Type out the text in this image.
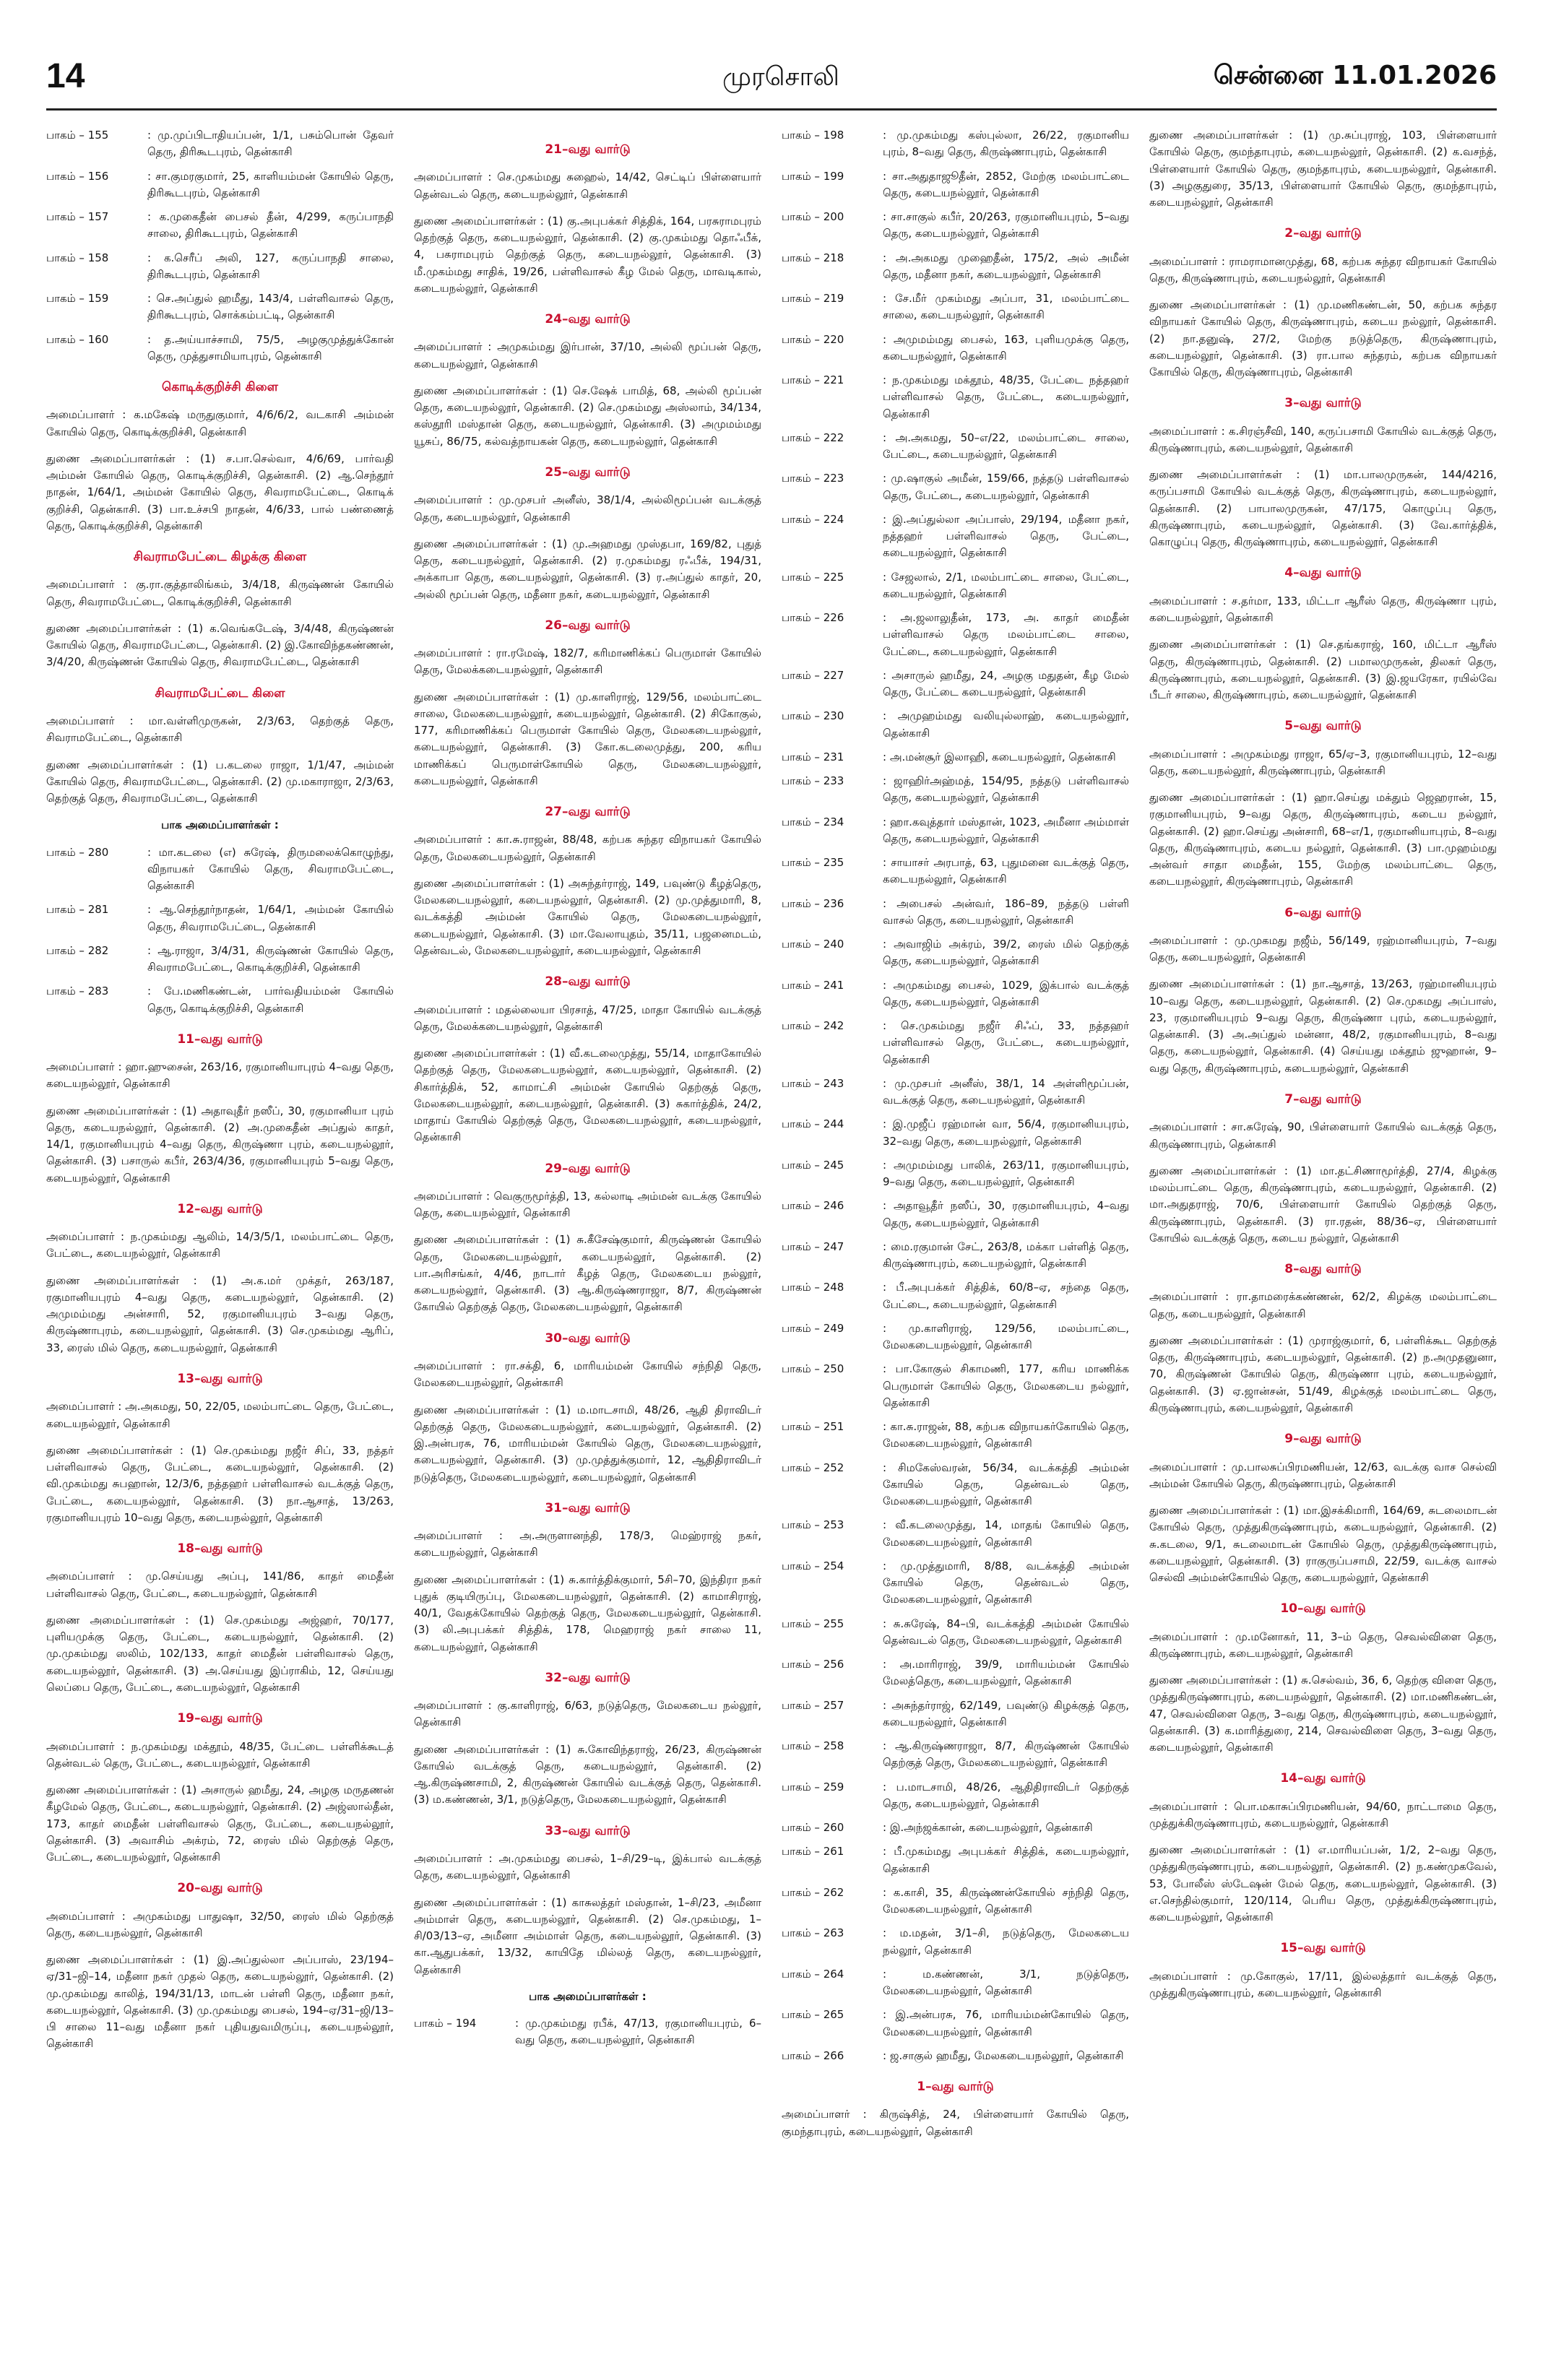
14	முரசொலி	சென்னை 11.01.2026
பாகம் – 155	: மு.முப்பிடாதியப்பன், 1/1, பசும்பொன் தேவர் தெரு, திரிகூடபுரம், தென்காசி
பாகம் – 156	: சா.குமரகுமார், 25, காளியம்மன் கோயில் தெரு, திரிகூடபுரம், தென்காசி
பாகம் – 157	: க.முகைதீன் பைசல் தீன், 4/299, கருப்பாநதி சாலை, திரிகூடபுரம், தென்காசி
பாகம் – 158	: க.செரீப் அலி, 127, கருப்பாநதி சாலை, திரிகூடபுரம், தென்காசி
பாகம் – 159	: செ.அப்துல் ஹமீது, 143/4, பள்ளிவாசல் தெரு, திரிகூடபுரம், சொக்கம்பட்டி, தென்காசி
பாகம் – 160	: த.அய்யாச்சாமி, 75/5, அழகுமுத்துக்கோன் தெரு, முத்துசாமியாபுரம், தென்காசி
கொடிக்குறிச்சி கிளை

அமைப்பாளர் : க.மகேஷ் மருதுகுமார், 4/6/6/2, வடகாசி அம்மன் கோயில் தெரு, கொடிக்குறிச்சி, தென்காசி

துணை அமைப்பாளர்கள் : (1) ச.பா.செல்வா, 4/6/69, பார்வதி அம்மன் கோயில் தெரு, கொடிக்குறிச்சி, தென்காசி. (2) ஆ.செந்தூர் நாதன், 1/64/1, அம்மன் கோயில் தெரு, சிவராமபேட்டை, கொடிக் குறிச்சி, தென்காசி. (3) பா.உச்சபி நாதன், 4/6/33, பால் பண்ணைத் தெரு, கொடிக்குறிச்சி, தென்காசி

சிவராமபேட்டை கிழக்கு கிளை

அமைப்பாளர் : கு.ரா.குத்தாலிங்கம், 3/4/18, கிருஷ்ணன் கோயில் தெரு, சிவராமபேட்டை, கொடிக்குறிச்சி, தென்காசி

துணை அமைப்பாளர்கள் : (1) க.வெங்கடேஷ், 3/4/48, கிருஷ்ணன் கோயில் தெரு, சிவராமபேட்டை, தென்காசி. (2) இ.கோவிந்தகண்ணன், 3/4/20, கிருஷ்ணன் கோயில் தெரு, சிவராமபேட்டை, தென்காசி

சிவராமபேட்டை கிளை

அமைப்பாளர் : மா.வள்ளிமுருகன், 2/3/63, தெற்குத் தெரு, சிவராமபேட்டை, தென்காசி

துணை அமைப்பாளர்கள் : (1) ப.கடலை ராஜா, 1/1/47, அம்மன் கோயில் தெரு, சிவராமபேட்டை, தென்காசி. (2) மு.மகாராஜா, 2/3/63, தெற்குத் தெரு, சிவராமபேட்டை, தென்காசி

பாக அமைப்பாளர்கள் :
பாகம் – 280	: மா.கடலை (எ) சுரேஷ், திருமலைக்கொழுந்து, விநாயகர் கோயில் தெரு, சிவராமபேட்டை, தென்காசி
பாகம் – 281	: ஆ.செந்தூர்நாதன், 1/64/1, அம்மன் கோயில் தெரு, சிவராமபேட்டை, தென்காசி
பாகம் – 282	: ஆ.ராஜா, 3/4/31, கிருஷ்ணன் கோயில் தெரு, சிவராமபேட்டை, கொடிக்குறிச்சி, தென்காசி
பாகம் – 283	: பே.மணிகண்டன், பார்வதியம்மன் கோயில் தெரு, கொடிக்குறிச்சி, தென்காசி
11–வது வார்டு

அமைப்பாளர் : ஹா.ஹுசைன், 263/16, ரகுமானியாபுரம் 4–வது தெரு, கடையநல்லூர், தென்காசி

துணை அமைப்பாளர்கள் : (1) அதாவுதீர் நஸீப், 30, ரகுமானியா புரம் தெரு, கடையநல்லூர், தென்காசி. (2) அ.முகைதீன் அப்துல் காதர், 14/1, ரகுமானியபுரம் 4–வது தெரு, கிருஷ்ணா புரம், கடையநல்லூர், தென்காசி. (3) பசாருல் கபீர், 263/4/36, ரகுமானியபுரம் 5–வது தெரு, கடையநல்லூர், தென்காசி

12–வது வார்டு

அமைப்பாளர் : ந.முகம்மது ஆலிம், 14/3/5/1, மலம்பாட்டை தெரு, பேட்டை, கடையநல்லூர், தென்காசி

துணை அமைப்பாளர்கள் : (1) அ.க.மர் முக்தர், 263/187, ரகுமானியபுரம் 4–வது தெரு, கடையநல்லூர், தென்காசி. (2) அமுமம்மது அன்சாரி, 52, ரகுமானியபுரம் 3–வது தெரு, கிருஷ்ணாபுரம், கடையநல்லூர், தென்காசி. (3) செ.முகம்மது ஆரிப், 33, ரைஸ் மில் தெரு, கடையநல்லூர், தென்காசி

13–வது வார்டு

அமைப்பாளர் : அ.அகமது, 50, 22/05, மலம்பாட்டை தெரு, பேட்டை, கடையநல்லூர், தென்காசி

துணை அமைப்பாளர்கள் : (1) செ.முகம்மது நஜீர் சிப், 33, நத்தர் பள்ளிவாசல் தெரு, பேட்டை, கடையநல்லூர், தென்காசி. (2) வி.முகம்மது சுபஹான், 12/3/6, நத்தஹர் பள்ளிவாசல் வடக்குத் தெரு, பேட்டை, கடையநல்லூர், தென்காசி. (3) நா.ஆசாத், 13/263, ரகுமானியபுரம் 10–வது தெரு, கடையநல்லூர், தென்காசி

18–வது வார்டு

அமைப்பாளர் : மு.செய்யது அப்பு, 141/86, காதர் மைதீன் பள்ளிவாசல் தெரு, பேட்டை, கடையநல்லூர், தென்காசி

துணை அமைப்பாளர்கள் : (1) செ.முகம்மது அஜ்ஹர், 70/177, புளியமுக்கு தெரு, பேட்டை, கடையநல்லூர், தென்காசி. (2) மு.முகம்மது ஸலிம், 102/133, காதர் மைதீன் பள்ளிவாசல் தெரு, கடையநல்லூர், தென்காசி. (3) அ.செய்யது இப்ராகிம், 12, செய்யது லெப்பை தெரு, பேட்டை, கடையநல்லூர், தென்காசி

19–வது வார்டு

அமைப்பாளர் : ந.முகம்மது மக்தூம், 48/35, பேட்டை பள்ளிக்கூடத் தென்வடல் தெரு, பேட்டை, கடையநல்லூர், தென்காசி

துணை அமைப்பாளர்கள் : (1) அசாருல் ஹமீது, 24, அழகு மருதணன் கீழமேல் தெரு, பேட்டை, கடையநல்லூர், தென்காசி. (2) அஜ்ஸால்தீன், 173, காதர் மைதீன் பள்ளிவாசல் தெரு, பேட்டை, கடையநல்லூர், தென்காசி. (3) அவாசிம் அக்ரம், 72, ரைஸ் மில் தெற்குத் தெரு, பேட்டை, கடையநல்லூர், தென்காசி

20–வது வார்டு

அமைப்பாளர் : அமுகம்மது பாதுஷா, 32/50, ரைஸ் மில் தெற்குத் தெரு, கடையநல்லூர், தென்காசி

துணை அமைப்பாளர்கள் : (1) இ.அப்துல்லா அப்பாஸ், 23/194–ஏ/31–ஜி–14, மதீனா நகர் முதல் தெரு, கடையநல்லூர், தென்காசி. (2) மு.முகம்மது காலித், 194/31/13, மாடன் பள்ளி தெரு, மதீனா நகர், கடையநல்லூர், தென்காசி. (3) மு.முகம்மது பைசல், 194–ஏ/31–ஜி/13–பி சாலை 11–வது மதீனா நகர் புதியதுவமிருப்பு, கடையநல்லூர், தென்காசி

21–வது வார்டு

அமைப்பாளர் : செ.முகம்மது சுஹைல், 14/42, செட்டிப் பிள்ளையார் தென்வடல் தெரு, கடையநல்லூர், தென்காசி

துணை அமைப்பாளர்கள் : (1) கு.அபுபக்கர் சித்திக், 164, பரசுராமபுரம் தெற்குத் தெரு, கடையநல்லூர், தென்காசி. (2) கு.முகம்மது தொஃபீக், 4, பசுராமபுரம் தெற்குத் தெரு, கடையநல்லூர், தென்காசி. (3) மீ.முகம்மது சாதிக், 19/26, பள்ளிவாசல் கீழ மேல் தெரு, மாவடிகால், கடையநல்லூர், தென்காசி

24–வது வார்டு

அமைப்பாளர் : அமுகம்மது இர்பான், 37/10, அல்லி மூப்பன் தெரு, கடையநல்லூர், தென்காசி

துணை அமைப்பாளர்கள் : (1) செ.ஷேக் பாமித், 68, அல்லி மூப்பன் தெரு, கடையநல்லூர், தென்காசி. (2) செ.முகம்மது அஸ்லாம், 34/134, கஸ்தூரி மஸ்தான் தெரு, கடையநல்லூர், தென்காசி. (3) அமுமம்மது யூசுப், 86/75, கல்வத்நாயகன் தெரு, கடையநல்லூர், தென்காசி

25–வது வார்டு

அமைப்பாளர் : மு.முசபர் அனீஸ், 38/1/4, அல்லிமூப்பன் வடக்குத் தெரு, கடையநல்லூர், தென்காசி

துணை அமைப்பாளர்கள் : (1) மு.அஹமது முஸ்தபா, 169/82, புதுத் தெரு, கடையநல்லூர், தென்காசி. (2) ர.முகம்மது ரஃபீக், 194/31, அக்காபா தெரு, கடையநல்லூர், தென்காசி. (3) ர.அப்துல் காதர், 20, அல்லி மூப்பன் தெரு, மதீனா நகர், கடையநல்லூர், தென்காசி

26–வது வார்டு

அமைப்பாளர் : ரா.ரமேஷ், 182/7, கரிமாணிக்கப் பெருமாள் கோயில் தெரு, மேலக்கடையநல்லூர், தென்காசி

துணை அமைப்பாளர்கள் : (1) மு.காளிராஜ், 129/56, மலம்பாட்டை சாலை, மேலகடையநல்லூர், கடையநல்லூர், தென்காசி. (2) சிகோகுல், 177, கரிமாணிக்கப் பெருமாள் கோயில் தெரு, மேலகடையநல்லூர், கடையநல்லூர், தென்காசி. (3) கோ.கடலைமுத்து, 200, கரிய மாணிக்கப் பெருமாள்கோயில் தெரு, மேலகடையநல்லூர், கடையநல்லூர், தென்காசி

27–வது வார்டு

அமைப்பாளர் : கா.சு.ராஜன், 88/48, கற்பக சுந்தர விநாயகர் கோயில் தெரு, மேலகடையநல்லூர், தென்காசி

துணை அமைப்பாளர்கள் : (1) அசுந்தர்ராஜ், 149, பவுண்டு கீழத்தெரு, மேலகடையநல்லூர், கடையநல்லூர், தென்காசி. (2) மு.முத்துமாரி, 8, வடக்கத்தி அம்மன் கோயில் தெரு, மேலகடையநல்லூர், கடையநல்லூர், தென்காசி. (3) மா.வேலாயுதம், 35/11, பஜனைமடம், தென்வடல், மேலகடையநல்லூர், கடையநல்லூர், தென்காசி

28–வது வார்டு

அமைப்பாளர் : மதல்லையா பிரசாத், 47/25, மாதா கோயில் வடக்குத் தெரு, மேலக்கடையநல்லூர், தென்காசி

துணை அமைப்பாளர்கள் : (1) வீ.கடலைமுத்து, 55/14, மாதாகோயில் தெற்குத் தெரு, மேலகடையநல்லூர், கடையநல்லூர், தென்காசி. (2) சிகார்த்திக், 52, காமாட்சி அம்மன் கோயில் தெற்குத் தெரு, மேலகடையநல்லூர், கடையநல்லூர், தென்காசி. (3) சுகார்த்திக், 24/2, மாதாய் கோயில் தெற்குத் தெரு, மேலகடையநல்லூர், கடையநல்லூர், தென்காசி

29–வது வார்டு

அமைப்பாளர் : வெகுருமூர்த்தி, 13, கல்லாடி அம்மன் வடக்கு கோயில் தெரு, கடையநல்லூர், தென்காசி

துணை அமைப்பாளர்கள் : (1) சு.கீசேஷ்குமார், கிருஷ்ணன் கோயில் தெரு, மேலகடையநல்லூர், கடையநல்லூர், தென்காசி. (2) பா.அரிசங்கர், 4/46, நாடார் கீழத் தெரு, மேலகடைய நல்லூர், கடையநல்லூர், தென்காசி. (3) ஆ.கிருஷ்ணராஜா, 8/7, கிருஷ்ணன் கோயில் தெற்குத் தெரு, மேலகடையநல்லூர், தென்காசி

30–வது வார்டு

அமைப்பாளர் : ரா.சக்தி, 6, மாரியம்மன் கோயில் சந்நிதி தெரு, மேலகடையநல்லூர், தென்காசி

துணை அமைப்பாளர்கள் : (1) ம.மாடசாமி, 48/26, ஆதி திராவிடர் தெற்குத் தெரு, மேலகடையநல்லூர், கடையநல்லூர், தென்காசி. (2) இ.அன்பரசு, 76, மாரியம்மன் கோயில் தெரு, மேலகடையநல்லூர், கடையநல்லூர், தென்காசி. (3) மு.முத்துக்குமார், 12, ஆதிதிராவிடர் நடுத்தெரு, மேலகடையநல்லூர், கடையநல்லூர், தென்காசி

31–வது வார்டு

அமைப்பாளர் : அ.அருளானந்தி, 178/3, மெஹ்ராஜ் நகர், கடையநல்லூர், தென்காசி

துணை அமைப்பாளர்கள் : (1) சு.கார்த்திக்குமார், 5சி–70, இந்திரா நகர் புதுக் குடியிருப்பு, மேலகடையநல்லூர், தென்காசி. (2) காமாசிராஜ், 40/1, வேதக்கோயில் தெற்குத் தெரு, மேலகடையநல்லூர், தென்காசி. (3) லி.அபுபக்கர் சித்திக், 178, மெஹராஜ் நகர் சாலை 11, கடையநல்லூர், தென்காசி

32–வது வார்டு

அமைப்பாளர் : கு.காளிராஜ், 6/63, நடுத்தெரு, மேலகடைய நல்லூர், தென்காசி

துணை அமைப்பாளர்கள் : (1) சு.கோவிந்தராஜ், 26/23, கிருஷ்ணன் கோயில் வடக்குத் தெரு, கடையநல்லூர், தென்காசி. (2) ஆ.கிருஷ்ணசாமி, 2, கிருஷ்ணன் கோயில் வடக்குத் தெரு, தென்காசி. (3) ம.கண்ணன், 3/1, நடுத்தெரு, மேலகடையநல்லூர், தென்காசி

33–வது வார்டு

அமைப்பாளர் : அ.முகம்மது பைசல், 1–சி/29–டி, இக்பால் வடக்குத் தெரு, கடையநல்லூர், தென்காசி

துணை அமைப்பாளர்கள் : (1) காசுலத்தர் மஸ்தான், 1–சி/23, அமீனா அம்மாள் தெரு, கடையநல்லூர், தென்காசி. (2) செ.முகம்மது, 1–சி/03/13–ஏ, அமீனா அம்மாள் தெரு, கடையநல்லூர், தென்காசி. (3) கா.ஆதுபக்கர், 13/32, காயிதே மில்லத் தெரு, கடையநல்லூர், தென்காசி

பாக அமைப்பாளர்கள் :
பாகம் – 194	: மு.முகம்மது ரபீக், 47/13, ரகுமானியபுரம், 6–வது தெரு, கடையநல்லூர், தென்காசி
பாகம் – 198	: மு.முகம்மது கஸ்புல்லா, 26/22, ரகுமானிய புரம், 8–வது தெரு, கிருஷ்ணாபுரம், தென்காசி
பாகம் – 199	: சா.அதுதாஜூதீன், 2852, மேற்கு மலம்பாட்டை தெரு, கடையநல்லூர், தென்காசி
பாகம் – 200	: சா.சாகுல் கபீர், 20/263, ரகுமானியபுரம், 5–வது தெரு, கடையநல்லூர், தென்காசி
பாகம் – 218	: அ.அகமது முஹைதீன், 175/2, அல் அமீன் தெரு, மதீனா நகர், கடையநல்லூர், தென்காசி
பாகம் – 219	: சே.மீர் முகம்மது அப்பா, 31, மலம்பாட்டை சாலை, கடையநல்லூர், தென்காசி
பாகம் – 220	: அமுமம்மது பைசல், 163, புளியமுக்கு தெரு, கடையநல்லூர், தென்காசி
பாகம் – 221	: ந.முகம்மது மக்தூம், 48/35, பேட்டை நத்தஹர் பள்ளிவாசல் தெரு, பேட்டை, கடையநல்லூர், தென்காசி
பாகம் – 222	: அ.அகமது, 50–எ/22, மலம்பாட்டை சாலை, பேட்டை, கடையநல்லூர், தென்காசி
பாகம் – 223	: மு.ஷாகுல் அமீன், 159/66, நத்தடு பள்ளிவாசல் தெரு, பேட்டை, கடையநல்லூர், தென்காசி
பாகம் – 224	: இ.அப்துல்லா அப்பாஸ், 29/194, மதீனா நகர், நத்தஹர் பள்ளிவாசல் தெரு, பேட்டை, கடையநல்லூர், தென்காசி
பாகம் – 225	: சேஜலால், 2/1, மலம்பாட்டை சாலை, பேட்டை, கடையநல்லூர், தென்காசி
பாகம் – 226	: அ.ஜலாலுதீன், 173, அ. காதர் மைதீன் பள்ளிவாசல் தெரு மலம்பாட்டை சாலை, பேட்டை, கடையநல்லூர், தென்காசி
பாகம் – 227	: அசாருல் ஹமீது, 24, அழகு மதுதன், கீழ மேல் தெரு, பேட்டை கடையநல்லூர், தென்காசி
பாகம் – 230	: அமுஹம்மது வலியுல்லாஹ், கடையநல்லூர், தென்காசி
பாகம் – 231	: அ.மன்சூர் இலாஹி, கடையநல்லூர், தென்காசி
பாகம் – 233	: ஜாஹிர்அஹ்மத், 154/95, நத்தடு பள்ளிவாசல் தெரு, கடையநல்லூர், தென்காசி
பாகம் – 234	: ஹா.கவுத்தார் மஸ்தான், 1023, அமீனா அம்மாள் தெரு, கடையநல்லூர், தென்காசி
பாகம் – 235	: சாயாசர் அரபாத், 63, புதுமனை வடக்குத் தெரு, கடையநல்லூர், தென்காசி
பாகம் – 236	: அபைசல் அன்வர், 186–89, நத்தடு பள்ளி வாசல் தெரு, கடையநல்லூர், தென்காசி
பாகம் – 240	: அவாஜிம் அக்ரம், 39/2, ரைஸ் மில் தெற்குத் தெரு, கடையநல்லூர், தென்காசி
பாகம் – 241	: அமுகம்மது பைசல், 1029, இக்பால் வடக்குத் தெரு, கடையநல்லூர், தென்காசி
பாகம் – 242	: செ.முகம்மது நஜீர் சிஃப், 33, நத்தஹர் பள்ளிவாசல் தெரு, பேட்டை, கடையநல்லூர், தென்காசி
பாகம் – 243	: மு.முசபர் அனீஸ், 38/1, 14 அள்ளிமூப்பன், வடக்குத் தெரு, கடையநல்லூர், தென்காசி
பாகம் – 244	: இ.முஜீப் ரஹ்மான் வா, 56/4, ரகுமானியபுரம், 32–வது தெரு, கடையநல்லூர், தென்காசி
பாகம் – 245	: அமுமம்மது பாலிக், 263/11, ரகுமானியபுரம், 9–வது தெரு, கடையநல்லூர், தென்காசி
பாகம் – 246	: அதாவூதீர் நஸீப், 30, ரகுமானியபுரம், 4–வது தெரு, கடையநல்லூர், தென்காசி
பாகம் – 247	: மை.ரகுமான் சேட், 263/8, மக்கா பள்ளித் தெரு, கிருஷ்ணாபுரம், கடையநல்லூர், தென்காசி
பாகம் – 248	: பீ.அபுபக்கர் சித்திக், 60/8–ஏ, சந்தை தெரு, பேட்டை, கடையநல்லூர், தென்காசி
பாகம் – 249	: மு.காளிராஜ், 129/56, மலம்பாட்டை, மேலகடையநல்லூர், தென்காசி
பாகம் – 250	: பா.கோகுல் சிகாமணி, 177, கரிய மாணிக்க பெருமாள் கோயில் தெரு, மேலகடைய நல்லூர், தென்காசி
பாகம் – 251	: கா.சு.ராஜன், 88, கற்பக விநாயகர்கோயில் தெரு, மேலகடையநல்லூர், தென்காசி
பாகம் – 252	: சிமகேஸ்வரன், 56/34, வடக்கத்தி அம்மன் கோயில் தெரு, தென்வடல் தெரு, மேலகடையநல்லூர், தென்காசி
பாகம் – 253	: வீ.கடலைமுத்து, 14, மாதங் கோயில் தெரு, மேலகடையநல்லூர், தென்காசி
பாகம் – 254	: மு.முத்துமாரி, 8/88, வடக்கத்தி அம்மன் கோயில் தெரு, தென்வடல் தெரு, மேலகடையநல்லூர், தென்காசி
பாகம் – 255	: சு.சுரேஷ், 84–பி, வடக்கத்தி அம்மன் கோயில் தென்வடல் தெரு, மேலகடையநல்லூர், தென்காசி
பாகம் – 256	: அ.மாரிராஜ், 39/9, மாரியம்மன் கோயில் மேலத்தெரு, கடையநல்லூர், தென்காசி
பாகம் – 257	: அசுந்தர்ராஜ், 62/149, பவுண்டு கிழக்குத் தெரு, கடையநல்லூர், தென்காசி
பாகம் – 258	: ஆ.கிருஷ்ணராஜா, 8/7, கிருஷ்ணன் கோயில் தெற்குத் தெரு, மேலகடையநல்லூர், தென்காசி
பாகம் – 259	: ப.மாடசாமி, 48/26, ஆதிதிராவிடர் தெற்குத் தெரு, கடையநல்லூர், தென்காசி
பாகம் – 260	: இ.அந்ஜக்கான், கடையநல்லூர், தென்காசி
பாகம் – 261	: பீ.முகம்மது அபுபக்கர் சித்திக், கடையநல்லூர், தென்காசி
பாகம் – 262	: க.காசி, 35, கிருஷ்ணன்கோயில் சந்நிதி தெரு, மேலகடையநல்லூர், தென்காசி
பாகம் – 263	: ம.மதன், 3/1–சி, நடுத்தெரு, மேலகடைய நல்லூர், தென்காசி
பாகம் – 264	: ம.கண்ணன், 3/1, நடுத்தெரு, மேலகடையநல்லூர், தென்காசி
பாகம் – 265	: இ.அன்பரசு, 76, மாரியம்மன்கோயில் தெரு, மேலகடையநல்லூர், தென்காசி
பாகம் – 266	: ஜ.சாகுல் ஹமீது, மேலகடையநல்லூர், தென்காசி
1–வது வார்டு

அமைப்பாளர் : கிருஷ்சித், 24, பிள்ளையார் கோயில் தெரு, குமந்தாபுரம், கடையநல்லூர், தென்காசி

துணை அமைப்பாளர்கள் : (1) மு.சுப்புராஜ், 103, பிள்ளையார் கோயில் தெரு, குமந்தாபுரம், கடையநல்லூர், தென்காசி. (2) க.வசந்த், பிள்ளையார் கோயில் தெரு, குமந்தாபுரம், கடையநல்லூர், தென்காசி. (3) அழகுதுரை, 35/13, பிள்ளையார் கோயில் தெரு, குமந்தாபுரம், கடையநல்லூர், தென்காசி

2–வது வார்டு

அமைப்பாளர் : ராமராமானமுத்து, 68, கற்பக சுந்தர விநாயகர் கோயில் தெரு, கிருஷ்ணாபுரம், கடையநல்லூர், தென்காசி

துணை அமைப்பாளர்கள் : (1) மு.மணிகண்டன், 50, கற்பக சுந்தர விநாயகர் கோயில் தெரு, கிருஷ்ணாபுரம், கடைய நல்லூர், தென்காசி. (2) நா.தனுஷ், 27/2, மேற்கு நடுத்தெரு, கிருஷ்ணாபுரம், கடையநல்லூர், தென்காசி. (3) ரா.பால சுந்தரம், கற்பக விநாயகர் கோயில் தெரு, கிருஷ்ணாபுரம், தென்காசி

3–வது வார்டு

அமைப்பாளர் : க.சிரஞ்சீவி, 140, கருப்பசாமி கோயில் வடக்குத் தெரு, கிருஷ்ணாபுரம், கடையநல்லூர், தென்காசி

துணை அமைப்பாளர்கள் : (1) மா.பாலமுருகன், 144/4216, கருப்பசாமி கோயில் வடக்குத் தெரு, கிருஷ்ணாபுரம், கடையநல்லூர், தென்காசி. (2) பாபாலமுருகன், 47/175, கொழுப்பு தெரு, கிருஷ்ணாபுரம், கடையநல்லூர், தென்காசி. (3) வே.கார்த்திக், கொழுப்பு தெரு, கிருஷ்ணாபுரம், கடையநல்லூர், தென்காசி

4–வது வார்டு

அமைப்பாளர் : ச.தர்மா, 133, மிட்டா ஆரீஸ் தெரு, கிருஷ்ணா புரம், கடையநல்லூர், தென்காசி

துணை அமைப்பாளர்கள் : (1) செ.தங்கராஜ், 160, மிட்டா ஆரீஸ் தெரு, கிருஷ்ணாபுரம், தென்காசி. (2) பமாலமுருகன், திலகர் தெரு, கிருஷ்ணாபுரம், கடையநல்லூர், தென்காசி. (3) இ.ஜயரேகா, ரயில்வே பீடர் சாலை, கிருஷ்ணாபுரம், கடையநல்லூர், தென்காசி

5–வது வார்டு

அமைப்பாளர் : அமுகம்மது ராஜா, 65/ஏ–3, ரகுமானியபுரம், 12–வது தெரு, கடையநல்லூர், கிருஷ்ணாபுரம், தென்காசி

துணை அமைப்பாளர்கள் : (1) ஹா.செய்து மக்தும் ஜெஹரான், 15, ரகுமானியபுரம், 9–வது தெரு, கிருஷ்ணாபுரம், கடைய நல்லூர், தென்காசி. (2) ஹா.செய்து அன்சாரி, 68–எ/1, ரகுமானியாபுரம், 8–வது தெரு, கிருஷ்ணாபுரம், கடைய நல்லூர், தென்காசி. (3) பா.முஹம்மது அன்வர் சாதா மைதீன், 155, மேற்கு மலம்பாட்டை தெரு, கடையநல்லூர், கிருஷ்ணாபுரம், தென்காசி

6–வது வார்டு

அமைப்பாளர் : மு.முகமது நஜீம், 56/149, ரஹ்மானியபுரம், 7–வது தெரு, கடையநல்லூர், தென்காசி

துணை அமைப்பாளர்கள் : (1) நா.ஆசாத், 13/263, ரஹ்மானியபுரம் 10–வது தெரு, கடையநல்லூர், தென்காசி. (2) செ.முகமது அப்பாஸ், 23, ரகுமானியபுரம் 9–வது தெரு, கிருஷ்ணா புரம், கடையநல்லூர், தென்காசி. (3) அ.அப்துல் மன்னா, 48/2, ரகுமானியபுரம், 8–வது தெரு, கடையநல்லூர், தென்காசி. (4) செய்யது மக்தூம் ஜுஹான், 9–வது தெரு, கிருஷ்ணாபுரம், கடையநல்லூர், தென்காசி

7–வது வார்டு

அமைப்பாளர் : சா.சுரேஷ், 90, பிள்ளையார் கோயில் வடக்குத் தெரு, கிருஷ்ணாபுரம், தென்காசி

துணை அமைப்பாளர்கள் : (1) மா.தட்சிணாமூர்த்தி, 27/4, கிழக்கு மலம்பாட்டை தெரு, கிருஷ்ணாபுரம், கடையநல்லூர், தென்காசி. (2) மா.அதுதராஜ், 70/6, பிள்ளையார் கோயில் தெற்குத் தெரு, கிருஷ்ணாபுரம், தென்காசி. (3) ரா.ரதன், 88/36–ஏ, பிள்ளையார் கோயில் வடக்குத் தெரு, கடைய நல்லூர், தென்காசி

8–வது வார்டு

அமைப்பாளர் : ரா.தாமரைக்கண்ணன், 62/2, கிழக்கு மலம்பாட்டை தெரு, கடையநல்லூர், தென்காசி

துணை அமைப்பாளர்கள் : (1) முராஜ்குமார், 6, பள்ளிக்கூட தெற்குத் தெரு, கிருஷ்ணாபுரம், கடையநல்லூர், தென்காசி. (2) ந.அமுதனுனா, 70, கிருஷ்ணன் கோயில் தெரு, கிருஷ்ணா புரம், கடையநல்லூர், தென்காசி. (3) ஏ.ஜான்சன், 51/49, கிழக்குத் மலம்பாட்டை தெரு, கிருஷ்ணாபுரம், கடையநல்லூர், தென்காசி

9–வது வார்டு

அமைப்பாளர் : மு.பாலசுப்பிரமணியன், 12/63, வடக்கு வாச செல்வி அம்மன் கோயில் தெரு, கிருஷ்ணாபுரம், தென்காசி

துணை அமைப்பாளர்கள் : (1) மா.இசக்கிமாரி, 164/69, சுடலைமாடன் கோயில் தெரு, முத்துகிருஷ்ணாபுரம், கடையநல்லூர், தென்காசி. (2) சு.கடலை, 9/1, சுடலைமாடன் கோயில் தெரு, முத்துகிருஷ்ணாபுரம், கடையநல்லூர், தென்காசி. (3) ராகுருப்பசாமி, 22/59, வடக்கு வாசல் செல்வி அம்மன்கோயில் தெரு, கடையநல்லூர், தென்காசி

10–வது வார்டு

அமைப்பாளர் : மு.மனோகர், 11, 3–ம் தெரு, செவல்விளை தெரு, கிருஷ்ணாபுரம், கடையநல்லூர், தென்காசி

துணை அமைப்பாளர்கள் : (1) சு.செல்வம், 36, 6, தெற்கு விளை தெரு, முத்துகிருஷ்ணாபுரம், கடையநல்லூர், தென்காசி. (2) மா.மணிகண்டன், 47, செவல்விளை தெரு, 3–வது தெரு, கிருஷ்ணாபுரம், கடையநல்லூர், தென்காசி. (3) க.மாரித்துரை, 214, செவல்விளை தெரு, 3–வது தெரு, கடையநல்லூர், தென்காசி

14–வது வார்டு

அமைப்பாளர் : பொ.மகாசுப்பிரமணியன், 94/60, நாட்டாமை தெரு, முத்துக்கிருஷ்ணாபுரம், கடையநல்லூர், தென்காசி

துணை அமைப்பாளர்கள் : (1) எ.மாரியப்பன், 1/2, 2–வது தெரு, முத்துகிருஷ்ணாபுரம், கடையநல்லூர், தென்காசி. (2) ந.கண்முகவேல், 53, போலீஸ் ஸ்டேஷன் மேல் தெரு, கடையநல்லூர், தென்காசி. (3) எ.செந்தில்குமார், 120/114, பெரிய தெரு, முத்துக்கிருஷ்ணாபுரம், கடையநல்லூர், தென்காசி

15–வது வார்டு

அமைப்பாளர் : மு.கோகுல், 17/11, இல்லத்தார் வடக்குத் தெரு, முத்துகிருஷ்ணாபுரம், கடையநல்லூர், தென்காசி
